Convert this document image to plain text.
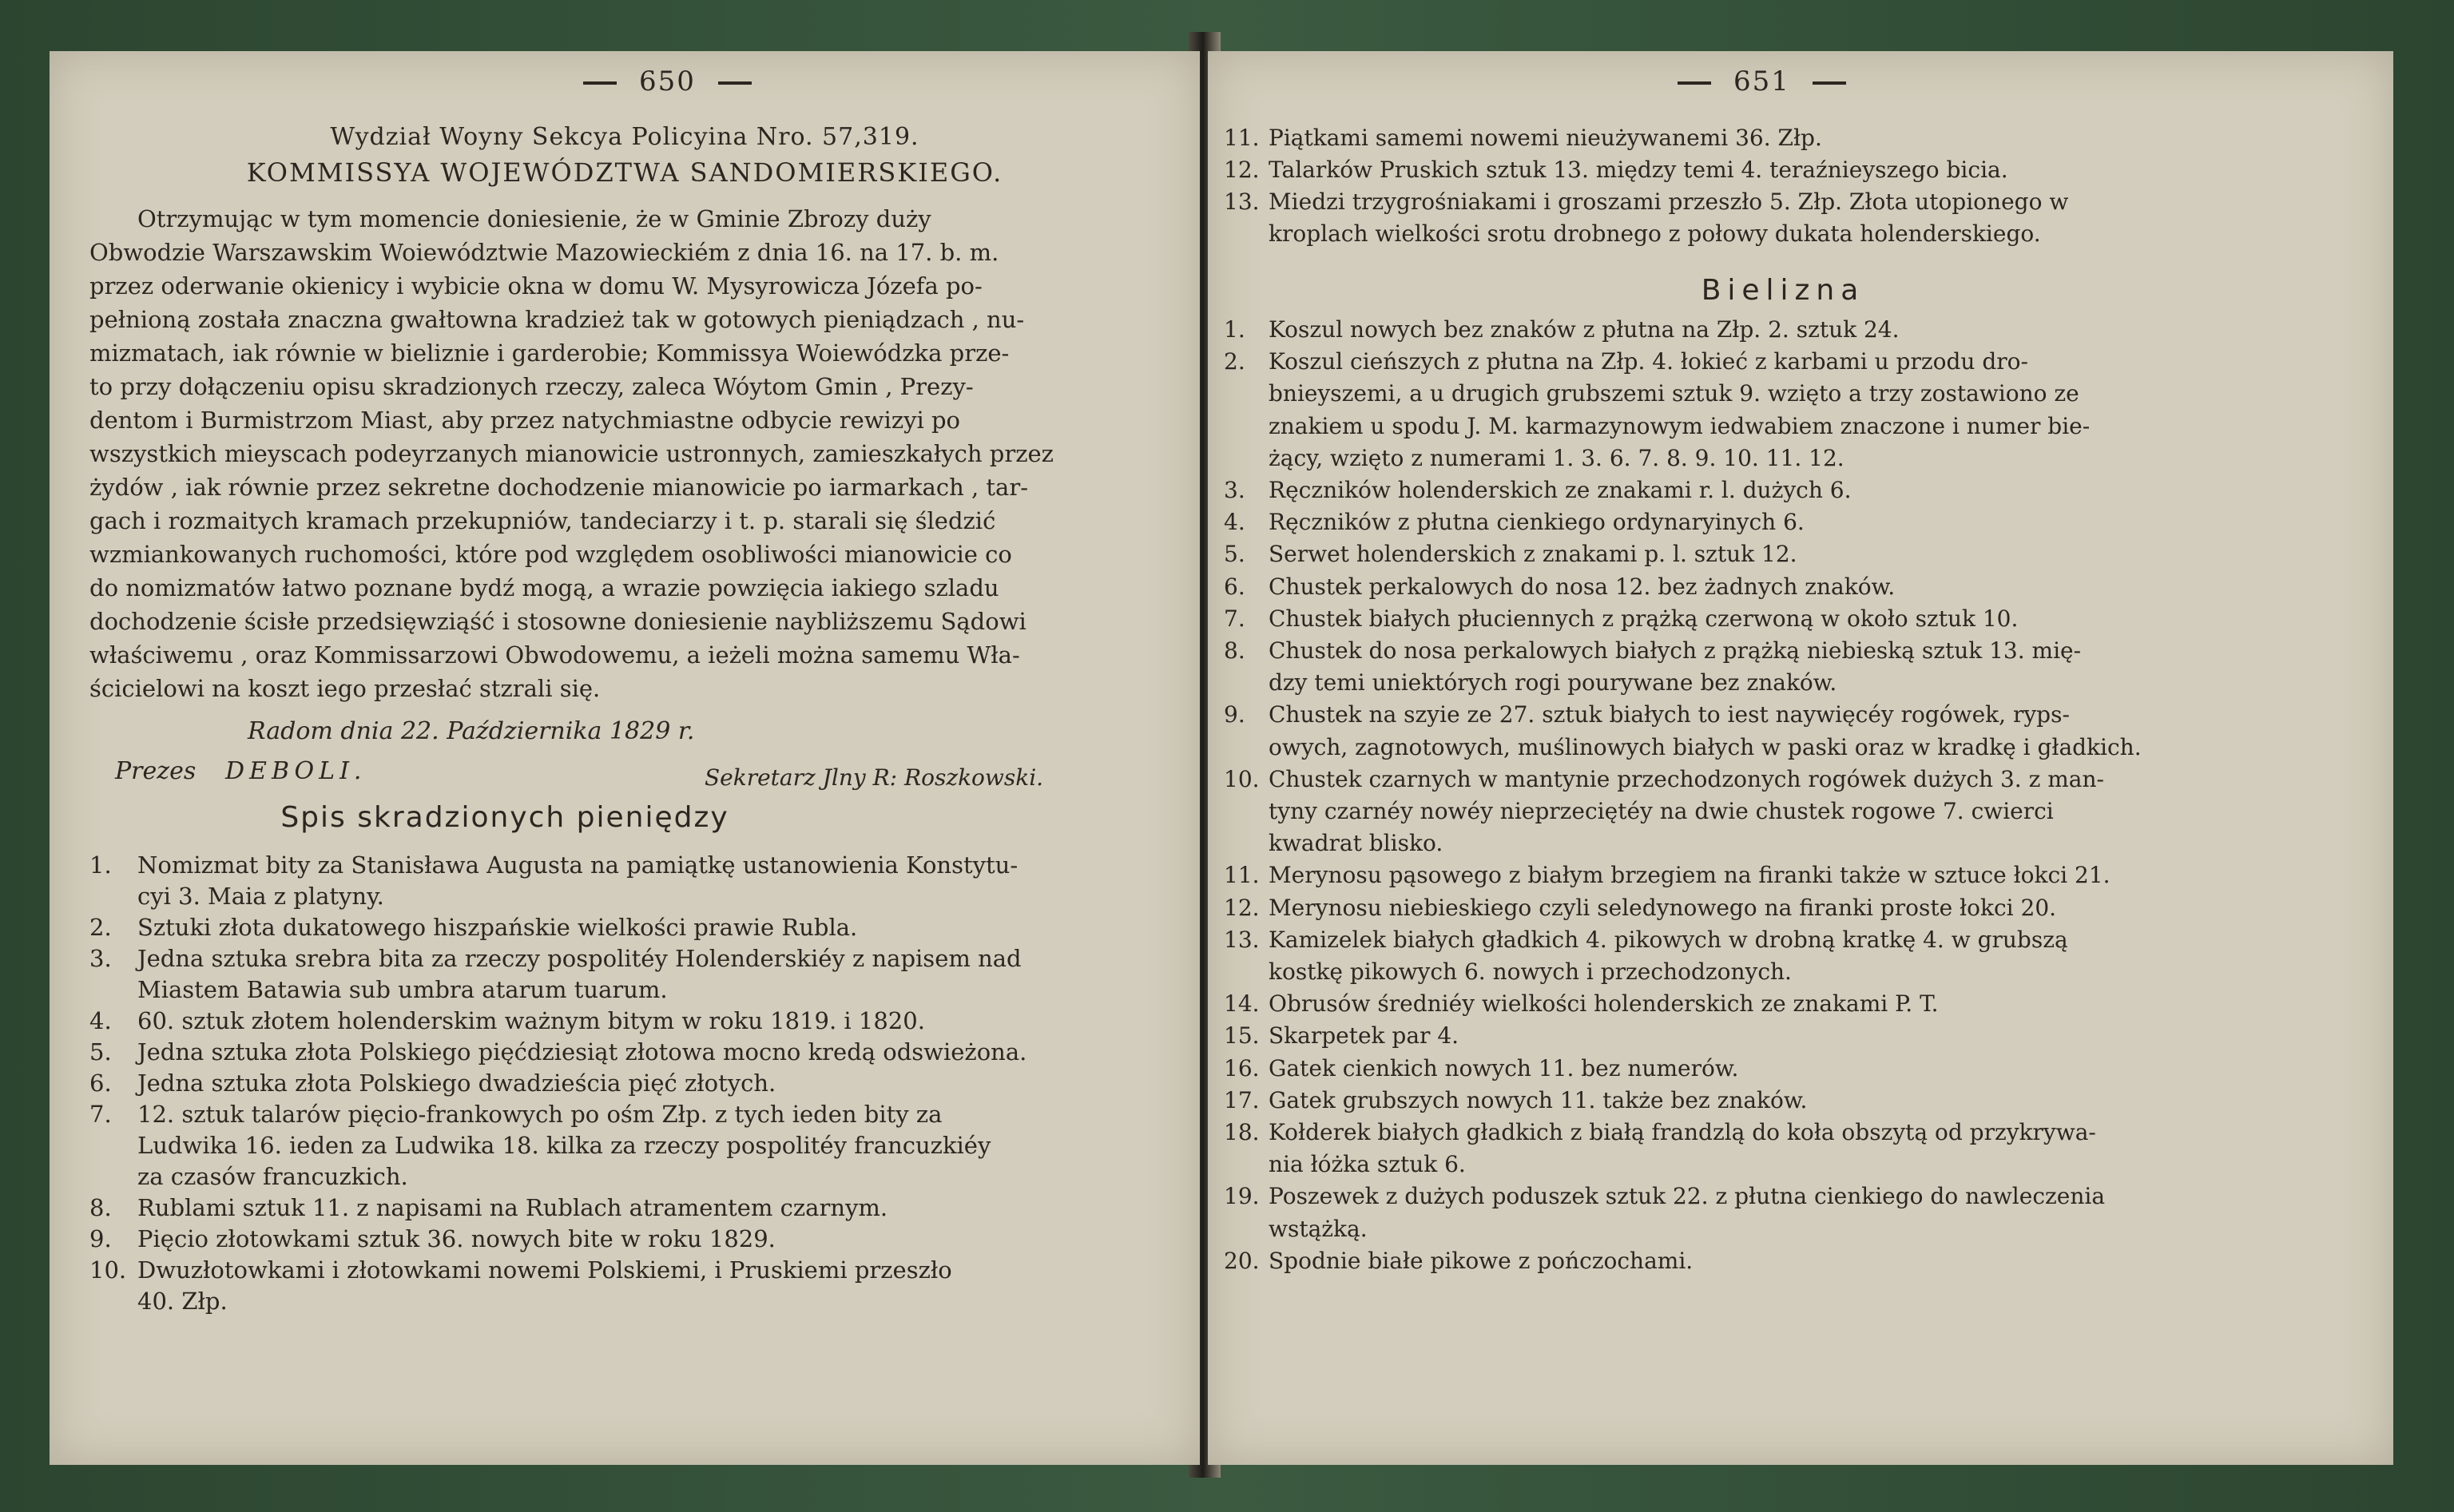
650
Wydział Woyny Sekcya Policyina Nro. 57,319.
KOMMISSYA WOJEWÓDZTWA SANDOMIERSKIEGO.
Otrzymując w tym momencie doniesienie, że w Gminie Zbrozy duży
Obwodzie Warszawskim Woiewództwie Mazowieckiém z dnia 16. na 17. b. m.
przez oderwanie okienicy i wybicie okna w domu W. Mysyrowicza Józefa po-
pełnioną została znaczna gwałtowna kradzież tak w gotowych pieniądzach , nu-
mizmatach, iak równie w bieliznie i garderobie; Kommissya Woiewódzka prze-
to przy dołączeniu opisu skradzionych rzeczy, zaleca Wóytom Gmin , Prezy-
dentom i Burmistrzom Miast, aby przez natychmiastne odbycie rewizyi po
wszystkich mieyscach podeyrzanych mianowicie ustronnych, zamieszkałych przez
żydów , iak równie przez sekretne dochodzenie mianowicie po iarmarkach , tar-
gach i rozmaitych kramach przekupniów, tandeciarzy i t. p. starali się śledzić
wzmiankowanych ruchomości, które pod względem osobliwości mianowicie co
do nomizmatów łatwo poznane bydź mogą, a wrazie powzięcia iakiego szladu
dochodzenie ścisłe przedsięwziąść i stosowne doniesienie naybliższemu Sądowi
właściwemu , oraz Kommissarzowi Obwodowemu, a ieżeli można samemu Wła-
ścicielowi na koszt iego przesłać stzrali się.
Radom dnia 22. Października 1829 r.
Prezes DEBOLI.	Sekretarz Jlny R: Roszkowski.
Spis skradzionych pieniędzy
1. Nomizmat bity za Stanisława Augusta na pamiątkę ustanowienia Konstytu-
cyi 3. Maia z platyny.
2. Sztuki złota dukatowego hiszpańskie wielkości prawie Rubla.
3. Jedna sztuka srebra bita za rzeczy pospolitéy Holenderskiéy z napisem nad
Miastem Batawia sub umbra atarum tuarum.
4. 60. sztuk złotem holenderskim ważnym bitym w roku 1819. i 1820.
5. Jedna sztuka złota Polskiego pięćdziesiąt złotowa mocno kredą odswieżona.
6. Jedna sztuka złota Polskiego dwadzieścia pięć złotych.
7. 12. sztuk talarów pięcio-frankowych po ośm Złp. z tych ieden bity za
Ludwika 16. ieden za Ludwika 18. kilka za rzeczy pospolitéy francuzkiéy
za czasów francuzkich.
8. Rublami sztuk 11. z napisami na Rublach atramentem czarnym.
9. Pięcio złotowkami sztuk 36. nowych bite w roku 1829.
10. Dwuzłotowkami i złotowkami nowemi Polskiemi, i Pruskiemi przeszło
40. Złp.
651
11. Piątkami samemi nowemi nieużywanemi 36. Złp.
12. Talarków Pruskich sztuk 13. między temi 4. teraźnieyszego bicia.
13. Miedzi trzygrośniakami i groszami przeszło 5. Złp. Złota utopionego w
kroplach wielkości srotu drobnego z połowy dukata holenderskiego.
Bielizna
1. Koszul nowych bez znaków z płutna na Złp. 2. sztuk 24.
2. Koszul cieńszych z płutna na Złp. 4. łokieć z karbami u przodu dro-
bnieyszemi, a u drugich grubszemi sztuk 9. wzięto a trzy zostawiono ze
znakiem u spodu J. M. karmazynowym iedwabiem znaczone i numer bie-
żący, wzięto z numerami 1. 3. 6. 7. 8. 9. 10. 11. 12.
3. Ręczników holenderskich ze znakami r. l. dużych 6.
4. Ręczników z płutna cienkiego ordynaryinych 6.
5. Serwet holenderskich z znakami p. l. sztuk 12.
6. Chustek perkalowych do nosa 12. bez żadnych znaków.
7. Chustek białych płuciennych z prążką czerwoną w około sztuk 10.
8. Chustek do nosa perkalowych białych z prążką niebieską sztuk 13. mię-
dzy temi uniektórych rogi pourywane bez znaków.
9. Chustek na szyie ze 27. sztuk białych to iest naywięcéy rogówek, ryps-
owych, zagnotowych, muślinowych białych w paski oraz w kradkę i gładkich.
10. Chustek czarnych w mantynie przechodzonych rogówek dużych 3. z man-
tyny czarnéy nowéy nieprzeciętéy na dwie chustek rogowe 7. cwierci
kwadrat blisko.
11. Merynosu pąsowego z białym brzegiem na firanki także w sztuce łokci 21.
12. Merynosu niebieskiego czyli seledynowego na firanki proste łokci 20.
13. Kamizelek białych gładkich 4. pikowych w drobną kratkę 4. w grubszą
kostkę pikowych 6. nowych i przechodzonych.
14. Obrusów średniéy wielkości holenderskich ze znakami P. T.
15. Skarpetek par 4.
16. Gatek cienkich nowych 11. bez numerów.
17. Gatek grubszych nowych 11. także bez znaków.
18. Kołderek białych gładkich z białą frandzlą do koła obszytą od przykrywa-
nia łóżka sztuk 6.
19. Poszewek z dużych poduszek sztuk 22. z płutna cienkiego do nawleczenia
wstążką.
20. Spodnie białe pikowe z pończochami.
